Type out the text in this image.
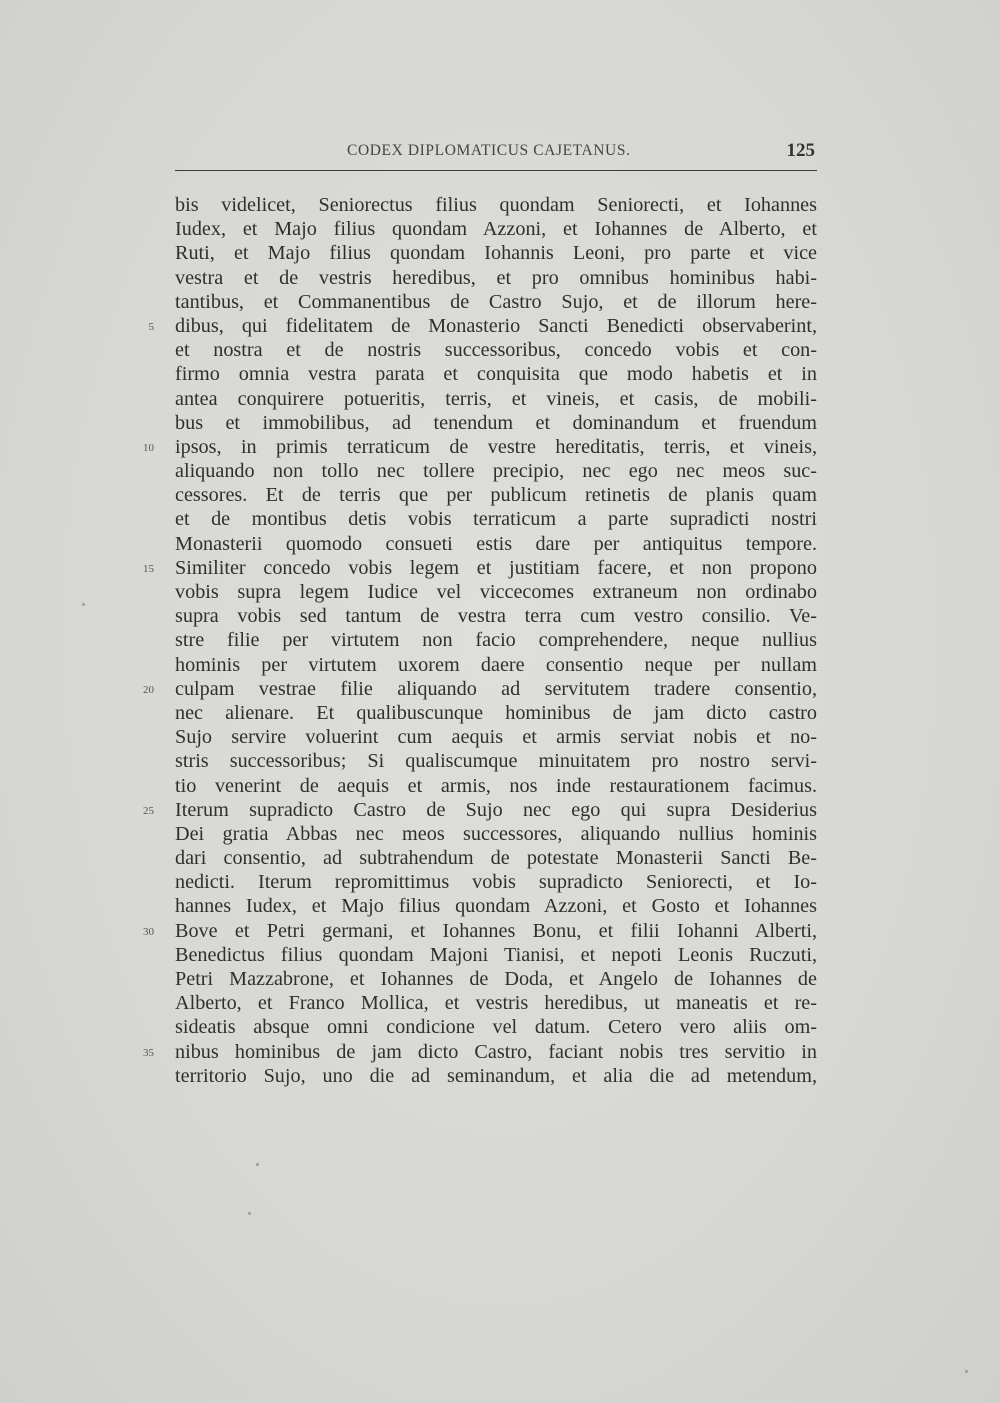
CODEX DIPLOMATICUS CAJETANUS.	125
5
10
15
20
25
30
35
bis videlicet, Seniorectus filius quondam Seniorecti, et Iohannes
Iudex, et Majo filius quondam Azzoni, et Iohannes de Alberto, et
Ruti, et Majo filius quondam Iohannis Leoni, pro parte et vice
vestra et de vestris heredibus, et pro omnibus hominibus habi-
tantibus, et Commanentibus de Castro Sujo, et de illorum here-
dibus, qui fidelitatem de Monasterio Sancti Benedicti observaberint,
et nostra et de nostris successoribus, concedo vobis et con-
firmo omnia vestra parata et conquisita que modo habetis et in
antea conquirere potueritis, terris, et vineis, et casis, de mobili-
bus et immobilibus, ad tenendum et dominandum et fruendum
ipsos, in primis terraticum de vestre hereditatis, terris, et vineis,
aliquando non tollo nec tollere precipio, nec ego nec meos suc-
cessores. Et de terris que per publicum retinetis de planis quam
et de montibus detis vobis terraticum a parte supradicti nostri
Monasterii quomodo consueti estis dare per antiquitus tempore.
Similiter concedo vobis legem et justitiam facere, et non propono
vobis supra legem Iudice vel viccecomes extraneum non ordinabo
supra vobis sed tantum de vestra terra cum vestro consilio. Ve-
stre filie per virtutem non facio comprehendere, neque nullius
hominis per virtutem uxorem daere consentio neque per nullam
culpam vestrae filie aliquando ad servitutem tradere consentio,
nec alienare. Et qualibuscunque hominibus de jam dicto castro
Sujo servire voluerint cum aequis et armis serviat nobis et no-
stris successoribus; Si qualiscumque minuitatem pro nostro servi-
tio venerint de aequis et armis, nos inde restaurationem facimus.
Iterum supradicto Castro de Sujo nec ego qui supra Desiderius
Dei gratia Abbas nec meos successores, aliquando nullius hominis
dari consentio, ad subtrahendum de potestate Monasterii Sancti Be-
nedicti. Iterum repromittimus vobis supradicto Seniorecti, et Io-
hannes Iudex, et Majo filius quondam Azzoni, et Gosto et Iohannes
Bove et Petri germani, et Iohannes Bonu, et filii Iohanni Alberti,
Benedictus filius quondam Majoni Tianisi, et nepoti Leonis Ruczuti,
Petri Mazzabrone, et Iohannes de Doda, et Angelo de Iohannes de
Alberto, et Franco Mollica, et vestris heredibus, ut maneatis et re-
sideatis absque omni condicione vel datum. Cetero vero aliis om-
nibus hominibus de jam dicto Castro, faciant nobis tres servitio in
territorio Sujo, uno die ad seminandum, et alia die ad metendum,
